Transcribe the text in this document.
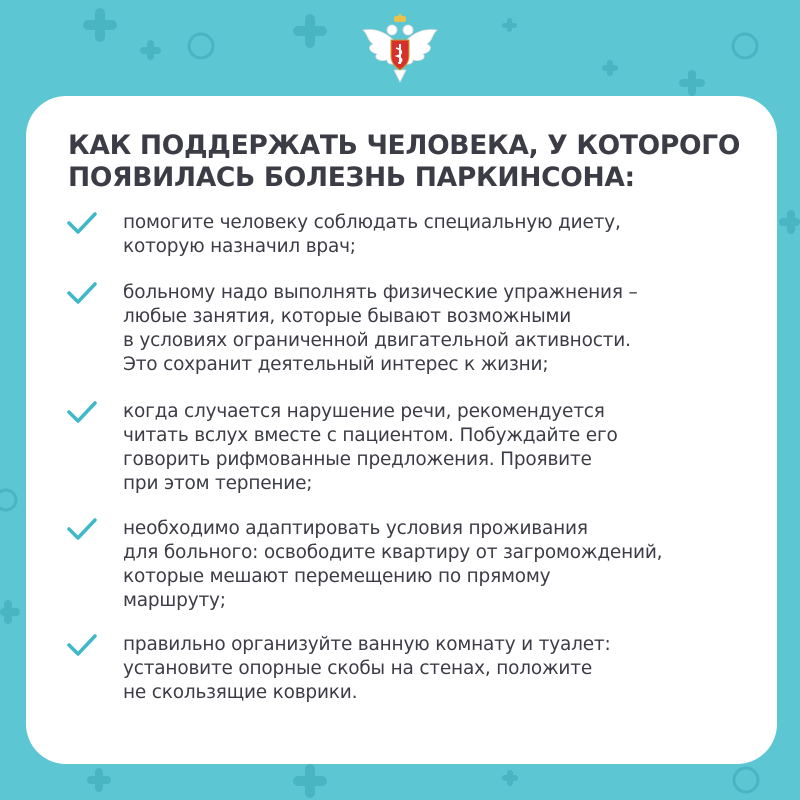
КАК ПОДДЕРЖАТЬ ЧЕЛОВЕКА, У КОТОРОГО
ПОЯВИЛАСЬ БОЛЕЗНЬ ПАРКИНСОНА:
помогите человеку соблюдать специальную диету,
которую назначил врач;
больному надо выполнять физические упражнения –
любые занятия, которые бывают возможными
в условиях ограниченной двигательной активности.
Это сохранит деятельный интерес к жизни;
когда случается нарушение речи, рекомендуется
читать вслух вместе с пациентом. Побуждайте его
говорить рифмованные предложения. Проявите
при этом терпение;
необходимо адаптировать условия проживания
для больного: освободите квартиру от загромождений,
которые мешают перемещению по прямому
маршруту;
правильно организуйте ванную комнату и туалет:
установите опорные скобы на стенах, положите
не скользящие коврики.
